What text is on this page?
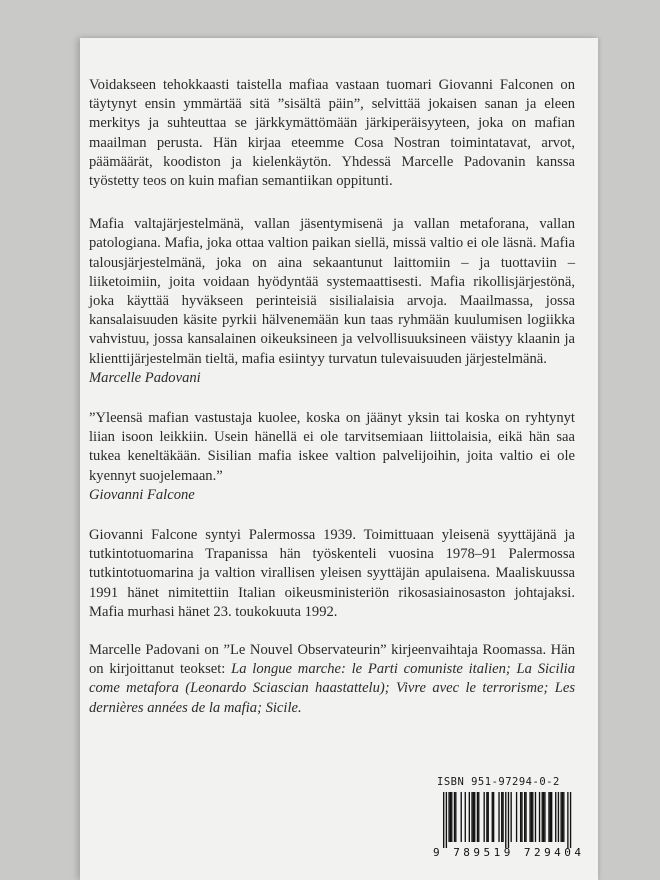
Voidakseen tehokkaasti taistella mafiaa vastaan tuomari Giovanni Falconen on täytynyt ensin ymmärtää sitä ”sisältä päin”, selvittää jokaisen sanan ja eleen merkitys ja suhteuttaa se järkkymättömään järkiperäisyyteen, joka on mafian maailman perusta. Hän kirjaa eteemme Cosa Nostran toimintatavat, arvot, päämäärät, koodiston ja kielenkäytön. Yhdessä Marcelle Padovanin kanssa työstetty teos on kuin mafian semantiikan oppitunti.

Mafia valtajärjestelmänä, vallan jäsentymisenä ja vallan metaforana, vallan patologiana. Mafia, joka ottaa valtion paikan siellä, missä valtio ei ole läsnä. Mafia talousjärjestelmänä, joka on aina sekaantunut laittomiin – ja tuottaviin – liiketoimiin, joita voidaan hyödyntää systemaattisesti. Mafia rikollisjärjestönä, joka käyttää hyväkseen perinteisiä sisilialaisia arvoja. Maailmassa, jossa kansalaisuuden käsite pyrkii hälvenemään kun taas ryhmään kuulumisen logiikka vahvistuu, jossa kansalainen oikeuksineen ja velvollisuuksineen väistyy klaanin ja klienttijärjestelmän tieltä, mafia esiintyy turvatun tulevaisuuden järjestelmänä.

Marcelle Padovani

”Yleensä mafian vastustaja kuolee, koska on jäänyt yksin tai koska on ryhtynyt liian isoon leikkiin. Usein hänellä ei ole tarvitsemiaan liittolaisia, eikä hän saa tukea keneltäkään. Sisilian mafia iskee valtion palvelijoihin, joita valtio ei ole kyennyt suojelemaan.”

Giovanni Falcone

Giovanni Falcone syntyi Palermossa 1939. Toimittuaan yleisenä syyttäjänä ja tutkintotuomarina Trapanissa hän työskenteli vuosina 1978–91 Palermossa tutkintotuomarina ja valtion virallisen yleisen syyttäjän apulaisena. Maaliskuussa 1991 hänet nimitettiin Italian oikeusministeriön rikosasiainosaston johtajaksi. Mafia murhasi hänet 23. toukokuuta 1992.

Marcelle Padovani on ”Le Nouvel Observateurin” kirjeenvaihtaja Roomassa. Hän on kirjoittanut teokset: La longue marche: le Parti comuniste italien; La Sicilia come metafora (Leonardo Sciascian haastattelu); Vivre avec le terrorisme; Les dernières années de la mafia; Sicile.

ISBN 951-97294-0-2
9 789519 729404
